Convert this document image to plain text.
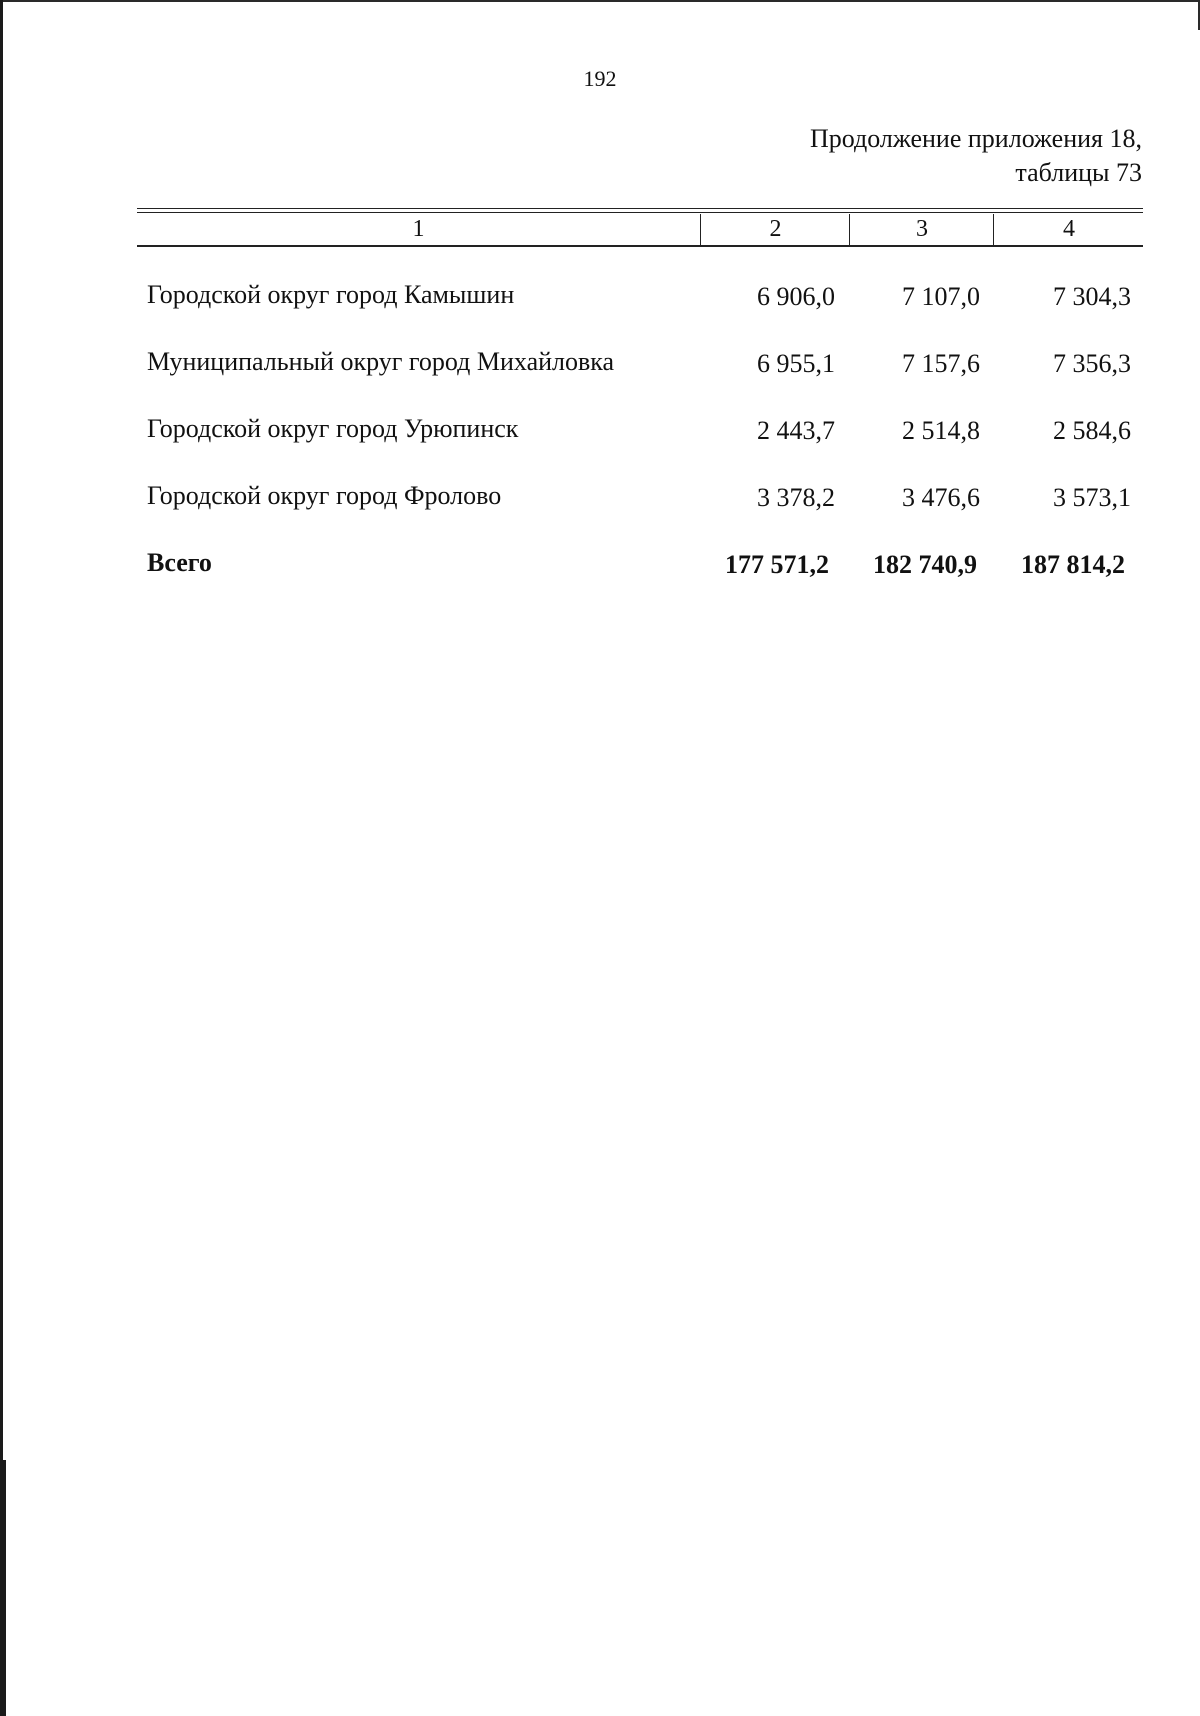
192
Продолжение приложения 18,
таблицы 73
1	2	3	4
Городской округ город Камышин	6 906,0	7 107,0	7 304,3
Муниципальный округ город Михайловка	6 955,1	7 157,6	7 356,3
Городской округ город Урюпинск	2 443,7	2 514,8	2 584,6
Городской округ город Фролово	3 378,2	3 476,6	3 573,1
Всего	177 571,2	182 740,9	187 814,2
